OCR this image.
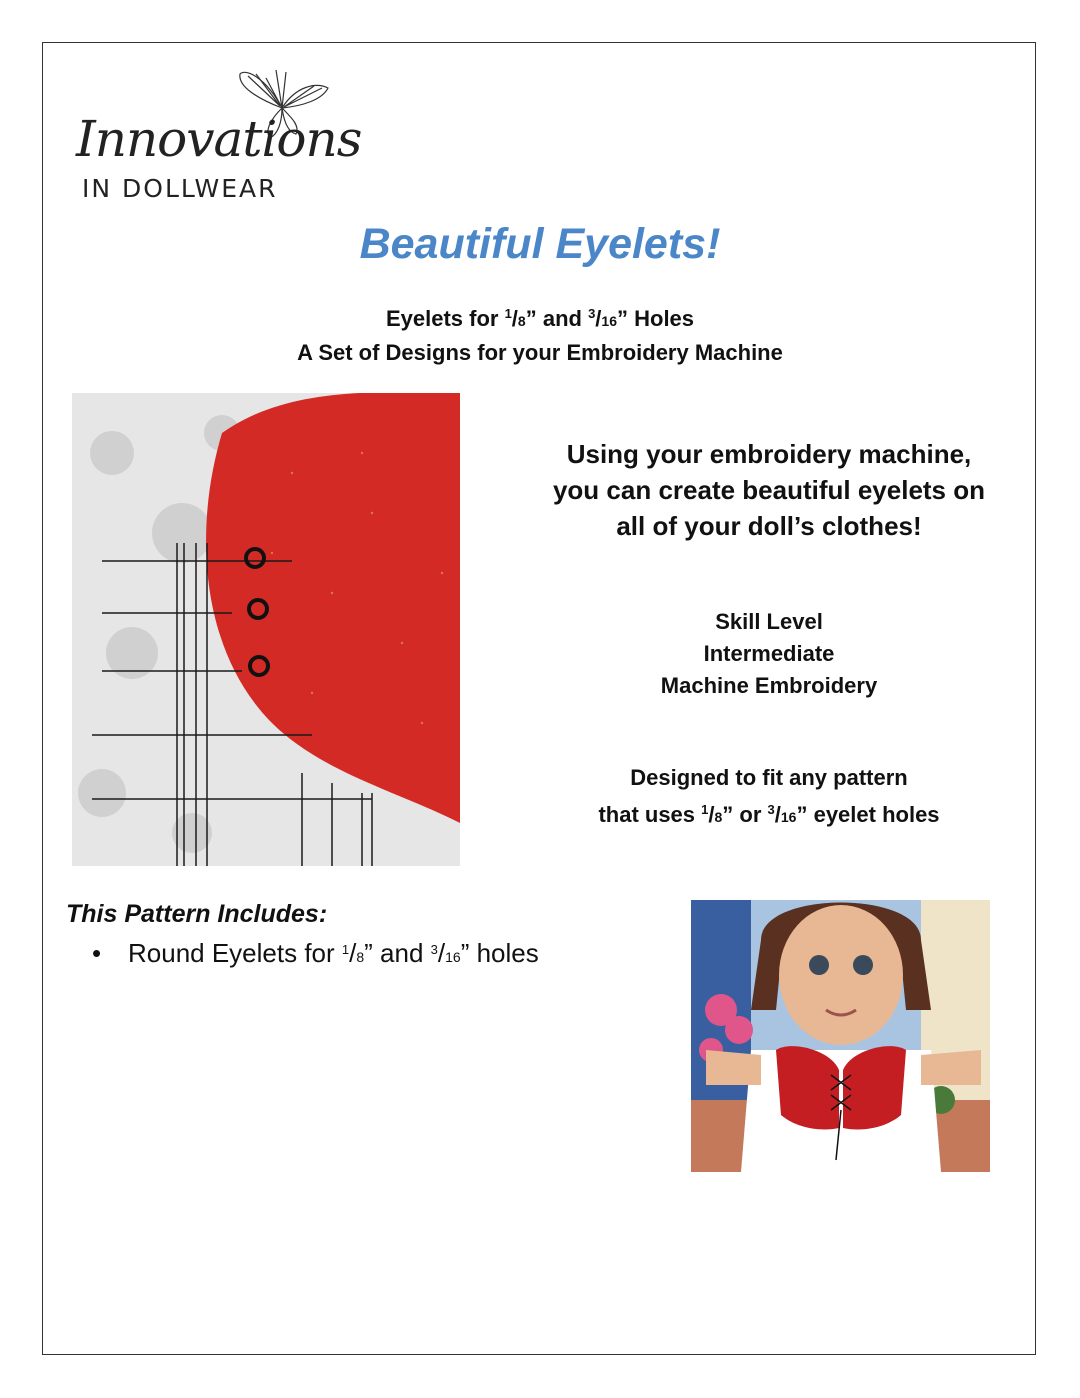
Innovations
IN DOLLWEAR
Beautiful Eyelets!
Eyelets for $^1$/8” and $^3$/16” Holes
A Set of Designs for your Embroidery Machine
Using your embroidery machine,
you can create beautiful eyelets on
all of your doll’s clothes!
Skill Level
Intermediate
Machine Embroidery
Designed to fit any pattern
that uses $^1$/8” or $^3$/16” eyelet holes
This Pattern Includes:
• Round Eyelets for $^1$/8” and $^3$/16” holes
